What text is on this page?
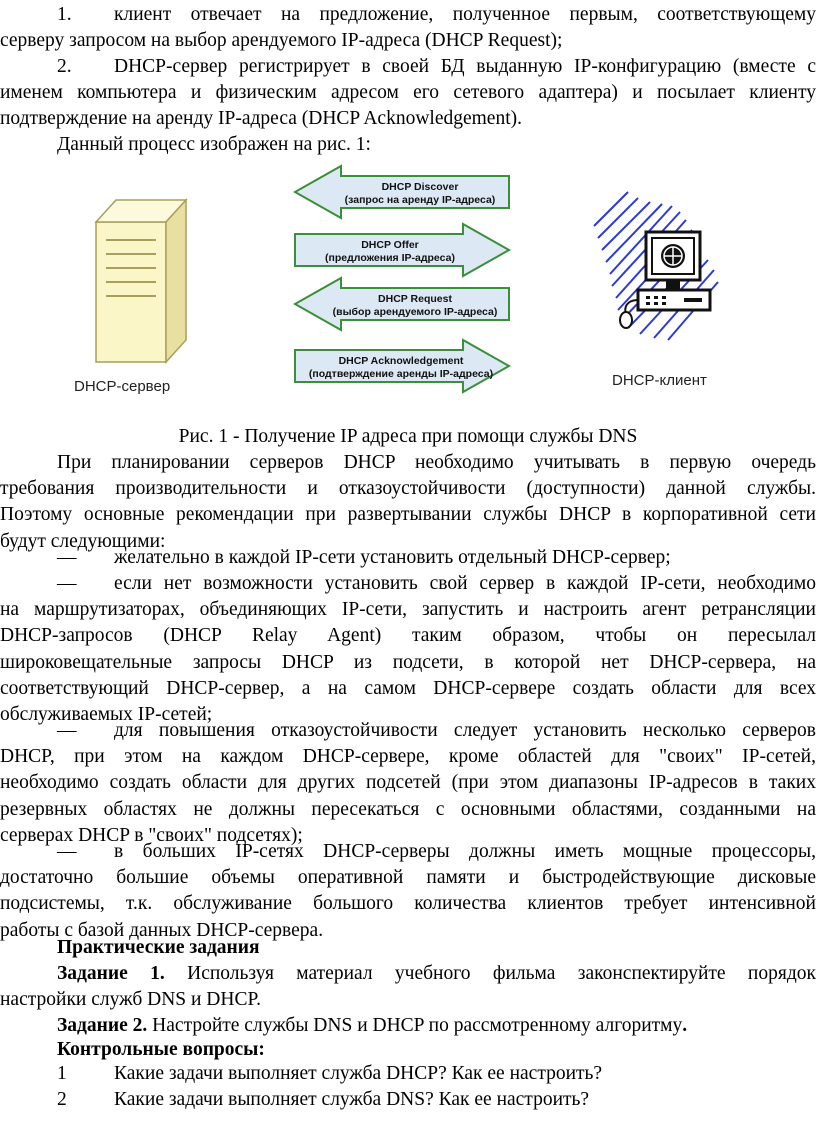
1. клиент отвечает на предложение, полученное первым, соответствующему
серверу запросом на выбор арендуемого IP-адреса (DHCP Request);
2. DHCP-сервер регистрирует в своей БД выданную IP-конфигурацию (вместе с
именем компьютера и физическим адресом его сетевого адаптера) и посылает клиенту
подтверждение на аренду IP-адреса (DHCP Acknowledgement).
Данный процесс изображен на рис. 1:
DHCP-сервер
DHCP Discover
(запрос на аренду IP-адреса)
DHCP Offer
(предложения IP-адреса)
DHCP Request
(выбор арендуемого IP-адреса)
DHCP Acknowledgement
(подтверждение аренды IP-адреса)	DHCP-клиент
Рис. 1 - Получение IP адреса при помощи службы DNS
При планировании серверов DHCP необходимо учитывать в первую очередь
требования производительности и отказоустойчивости (доступности) данной службы.
Поэтому основные рекомендации при развертывании службы DHCP в корпоративной сети
будут следующими:
— желательно в каждой IP-сети установить отдельный DHCP-сервер;
— если нет возможности установить свой сервер в каждой IP-сети, необходимо
на маршрутизаторах, объединяющих IP-сети, запустить и настроить агент ретрансляции
DHCP-запросов (DHCP Relay Agent) таким образом, чтобы он пересылал
широковещательные запросы DHCP из подсети, в которой нет DHCP-сервера, на
соответствующий DHCP-сервер, а на самом DHCP-сервере создать области для всех
обслуживаемых IP-сетей;
— для повышения отказоустойчивости следует установить несколько серверов
DHCP, при этом на каждом DHCP-сервере, кроме областей для "своих" IP-сетей,
необходимо создать области для других подсетей (при этом диапазоны IP-адресов в таких
резервных областях не должны пересекаться с основными областями, созданными на
серверах DHCP в "своих" подсетях);
— в больших IP-сетях DHCP-серверы должны иметь мощные процессоры,
достаточно большие объемы оперативной памяти и быстродействующие дисковые
подсистемы, т.к. обслуживание большого количества клиентов требует интенсивной
работы с базой данных DHCP-сервера.
Практические задания
Задание 1. Используя материал учебного фильма законспектируйте порядок
настройки служб DNS и DHCP.
Задание 2. Настройте службы DNS и DHCP по рассмотренному алгоритму.
Контрольные вопросы:
1 Какие задачи выполняет служба DHCP? Как ее настроить?
2 Какие задачи выполняет служба DNS? Как ее настроить?
